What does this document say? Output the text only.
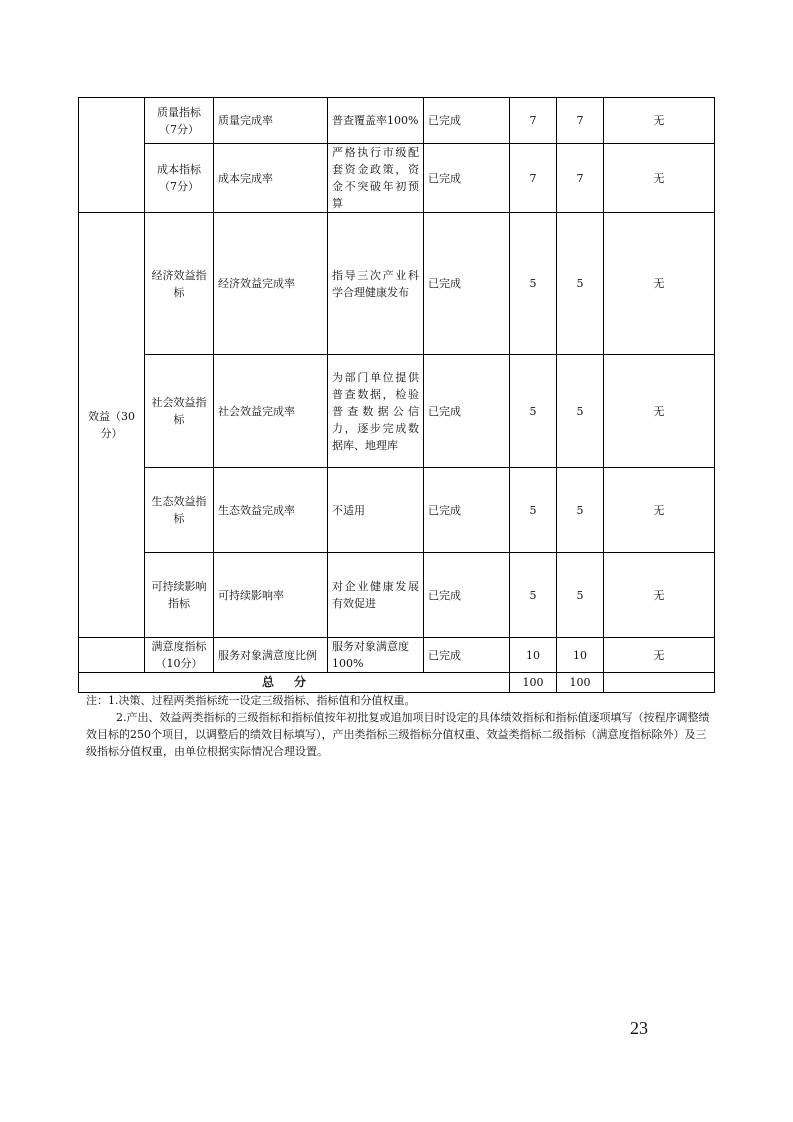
	质量指标（7分）	质量完成率	普查覆盖率100%	已完成	7	7	无
	成本指标（7分）	成本完成率	严格执行市级配套资金政策，资金不突破年初预算	已完成	7	7	无
效益（30分）	经济效益指标	经济效益完成率	指导三次产业科学合理健康发布	已完成	5	5	无
	社会效益指标	社会效益完成率	为部门单位提供普查数据，检验普查数据公信力，逐步完成数据库、地理库	已完成	5	5	无
	生态效益指标	生态效益完成率	不适用	已完成	5	5	无
	可持续影响指标	可持续影响率	对企业健康发展有效促进	已完成	5	5	无
	满意度指标（10分）	服务对象满意度比例	服务对象满意度100%	已完成	10	10	无
总分					100	100	

注：1.决策、过程两类指标统一设定三级指标、指标值和分值权重。

2.产出、效益两类指标的三级指标和指标值按年初批复或追加项目时设定的具体绩效指标和指标值逐项填写（按程序调整绩效目标的250个项目，以调整后的绩效目标填写），产出类指标三级指标分值权重、效益类指标二级指标（满意度指标除外）及三级指标分值权重，由单位根据实际情况合理设置。

23
